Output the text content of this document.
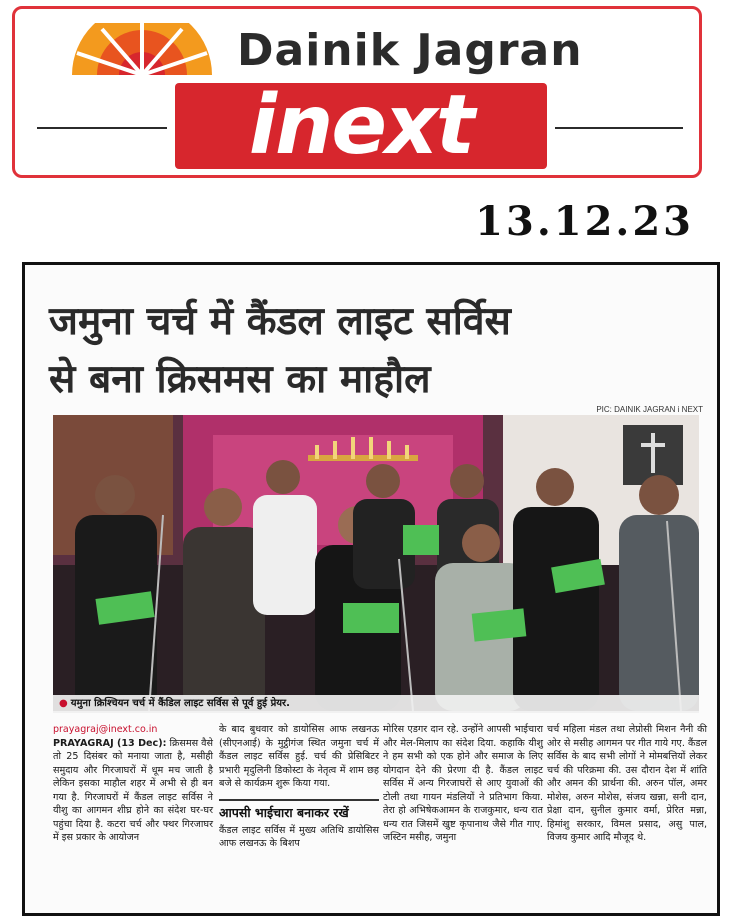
Dainik Jagran
inext
13.12.23
जमुना चर्च में कैंडल लाइट सर्विस
से बना क्रिसमस का माहौल
PIC: DAINIK JAGRAN i NEXT
● यमुना क्रिश्चियन चर्च में कैंडिल लाइट सर्विस से पूर्व हुई प्रेयर.
prayagraj@inext.co.in
PRAYAGRAJ (13 Dec): क्रिसमस वैसे तो 25 दिसंबर को मनाया जाता है, मसीही समुदाय और गिरजाघरों में धूम मच जाती है लेकिन इसका माहौल शहर में अभी से ही बन गया है. गिरजाघरों में कैंडल लाइट सर्विस ने यीशु का आगमन शीघ्र होने का संदेश घर-घर पहुंचा दिया है. कटरा चर्च और फ्थर गिरजाघर में इस प्रकार के आयोजन
के बाद बुधवार को डायोसिस आफ लखनऊ (सीएनआई) के मुट्ठीगंज स्थित जमुना चर्च में कैंडल लाइट सर्विस हुई. चर्च की प्रेसिबिटर प्रभारी मृदुलिनी डिकोस्टा के नेतृत्व में शाम छह बजे से कार्यक्रम शुरू किया गया.
आपसी भाईचारा बनाकर रखें
कैंडल लाइट सर्विस में मुख्य अतिथि डायोसिस आफ लखनऊ के बिशप
मोरिस एडगर दान रहे. उन्होंने आपसी भाईचारा और मेल-मिलाप का संदेश दिया. कहाकि यीशु ने हम सभी को एक होने और समाज के लिए योगदान देने की प्रेरणा दी है. कैंडल लाइट सर्विस में अन्य गिरजाघरों से आए युवाओं की टोली तथा गायन मंडलियों ने प्रतिभाग किया. तेरा हो अभिषेकआमन के राजकुमार, धन्य रात धन्य रात जिसमें खुष्ट कृपानाथ जैसे गीत गाए. जस्टिन मसीह, जमुना
चर्च महिला मंडल तथा लेप्रोसी मिशन नैनी की ओर से मसीह आगमन पर गीत गाये गए. कैंडल सर्विस के बाद सभी लोगों ने मोमबत्तियों लेकर चर्च की परिक्रमा की. उस दौरान देश में शांति और अमन की प्रार्थना की. अरुन पॉल, अमर मोशेस, अरुन मोशेस, संजय खन्ना, सनी दान, प्रेक्षा दान, सुनील कुमार वर्मा, प्रेरित मन्ना, हिमांशु सरकार, विमल प्रसाद, असु पाल, विजय कुमार आदि मौजूद थे.
